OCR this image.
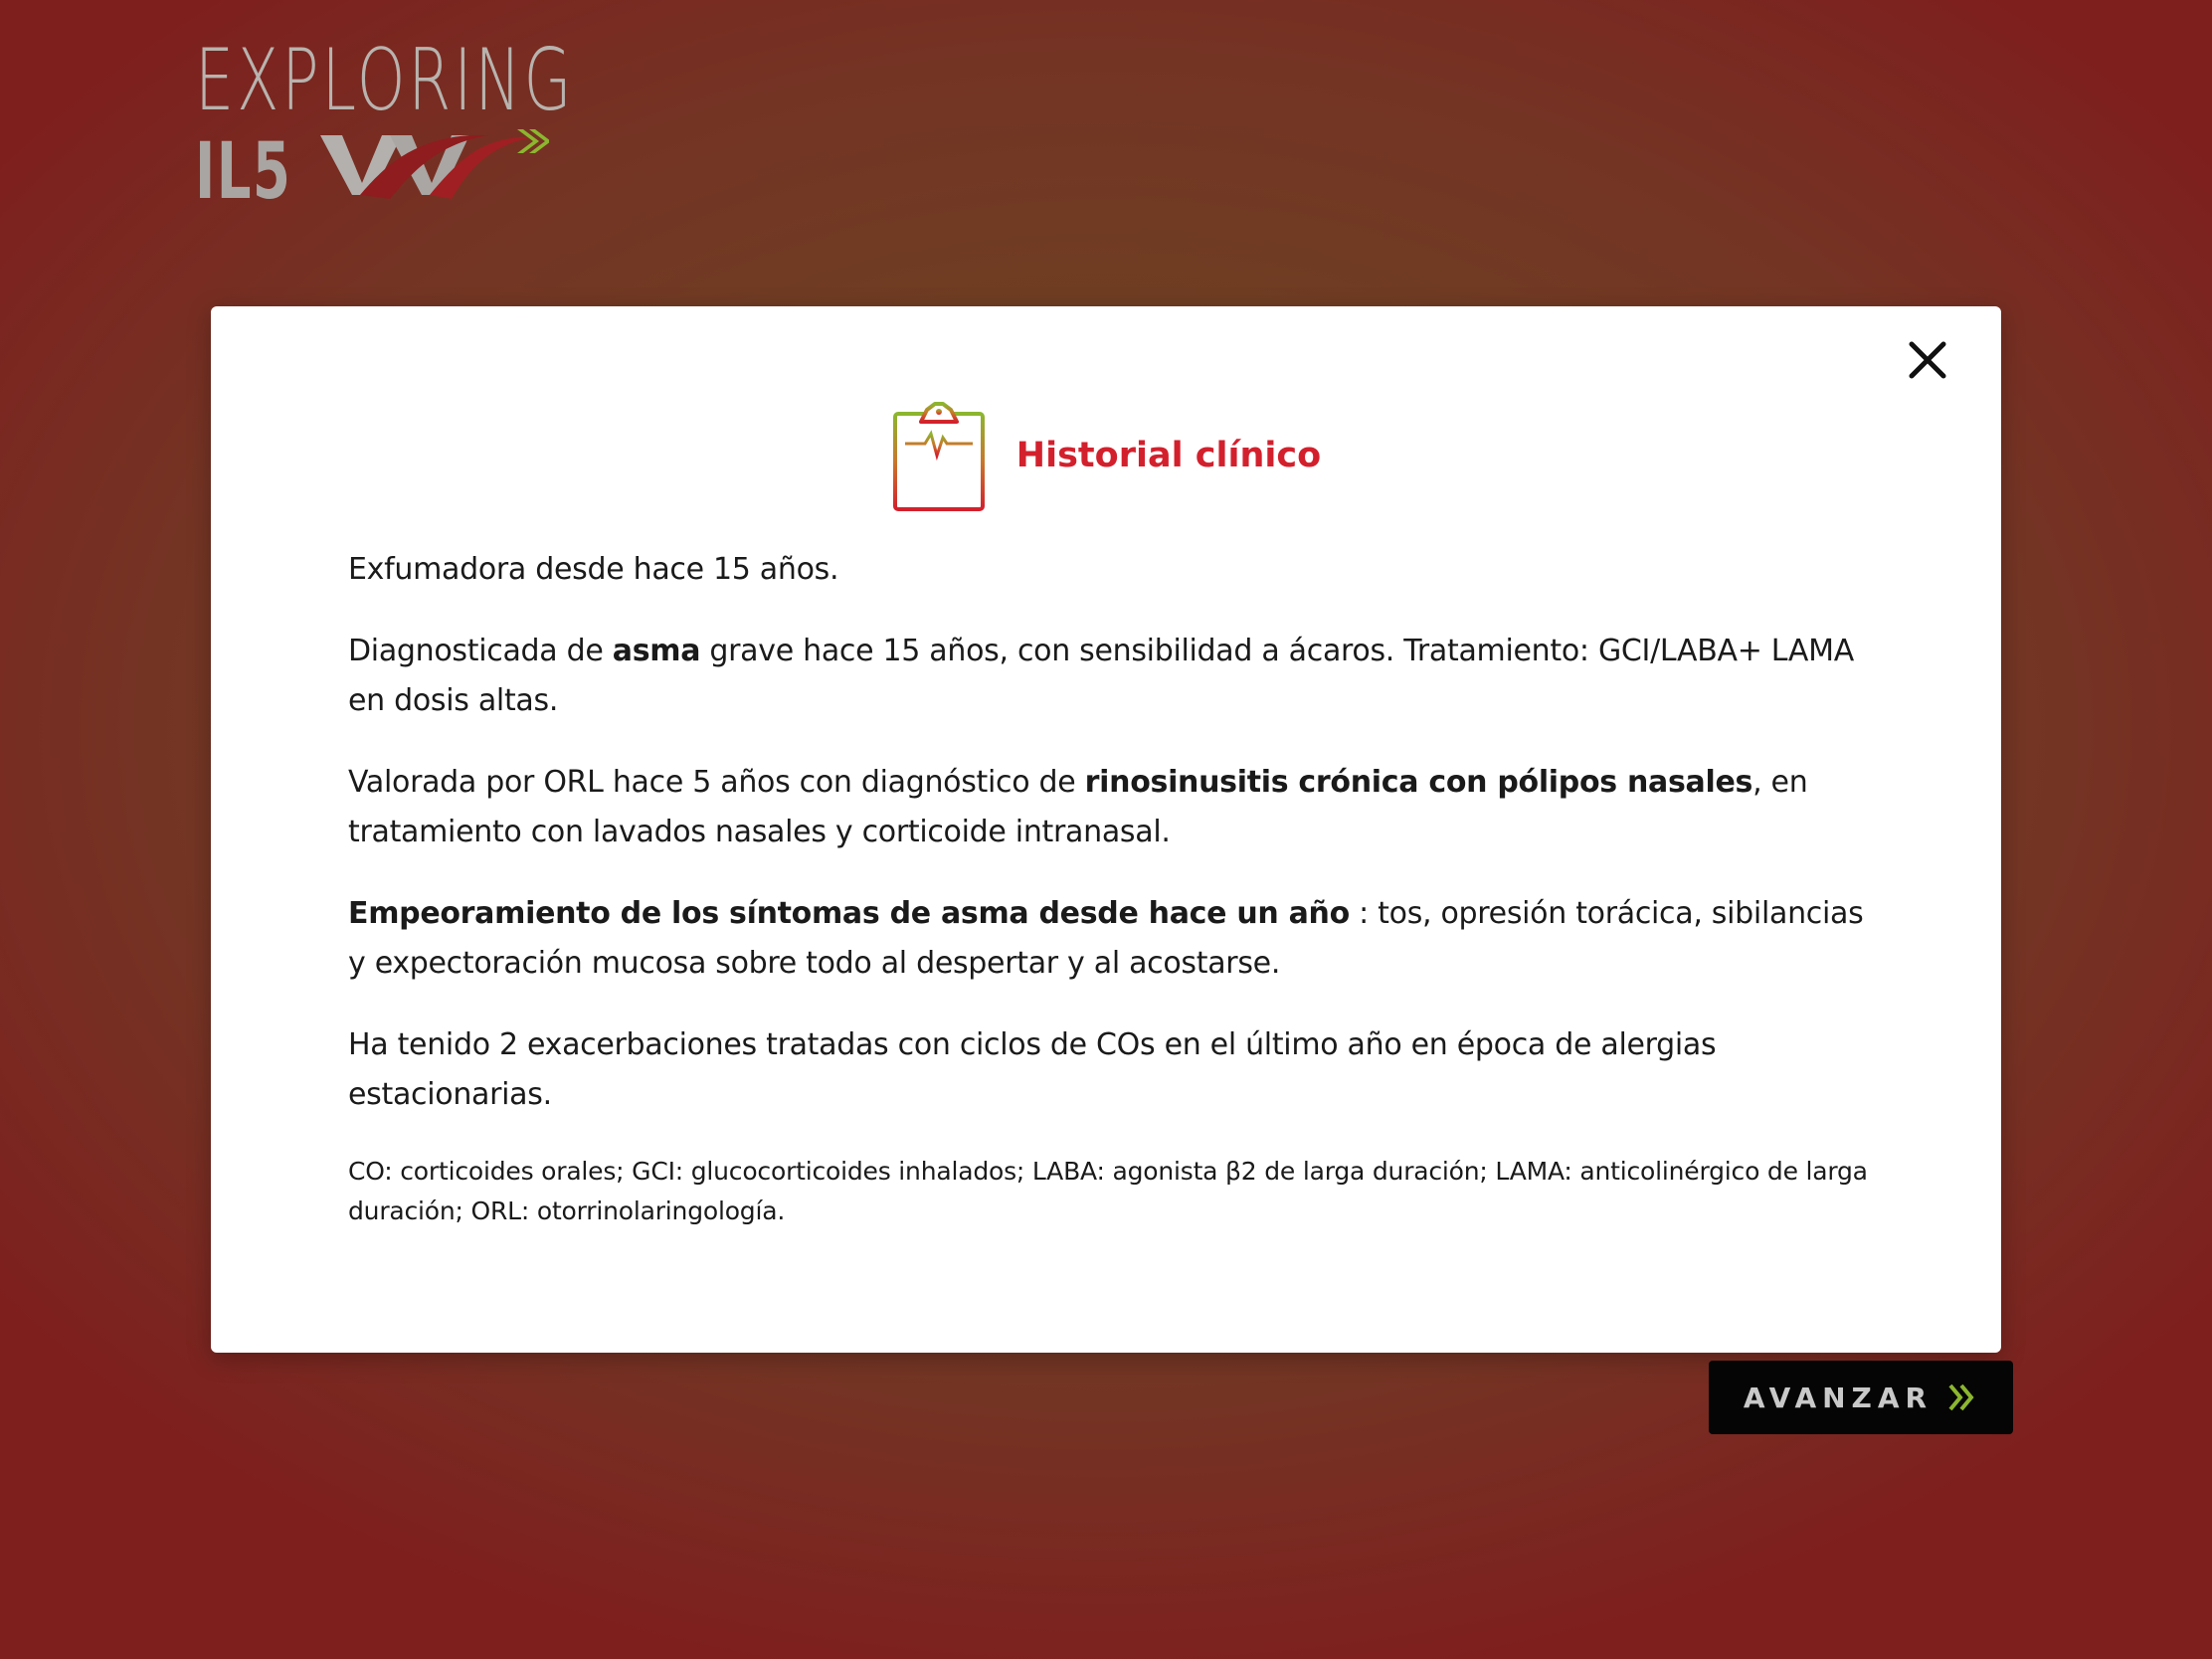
EXPLORING
IL5
Historial clínico

Exfumadora desde hace 15 años.

Diagnosticada de asma grave hace 15 años, con sensibilidad a ácaros. Tratamiento: GCI/LABA+ LAMA en dosis altas.

Valorada por ORL hace 5 años con diagnóstico de rinosinusitis crónica con pólipos nasales, en tratamiento con lavados nasales y corticoide intranasal.

Empeoramiento de los síntomas de asma desde hace un año : tos, opresión torácica, sibilancias y expectoración mucosa sobre todo al despertar y al acostarse.

Ha tenido 2 exacerbaciones tratadas con ciclos de COs en el último año en época de alergias estacionarias.

CO: corticoides orales; GCI: glucocorticoides inhalados; LABA: agonista β2 de larga duración; LAMA: anticolinérgico de larga duración; ORL: otorrinolaringología.

AVANZAR
